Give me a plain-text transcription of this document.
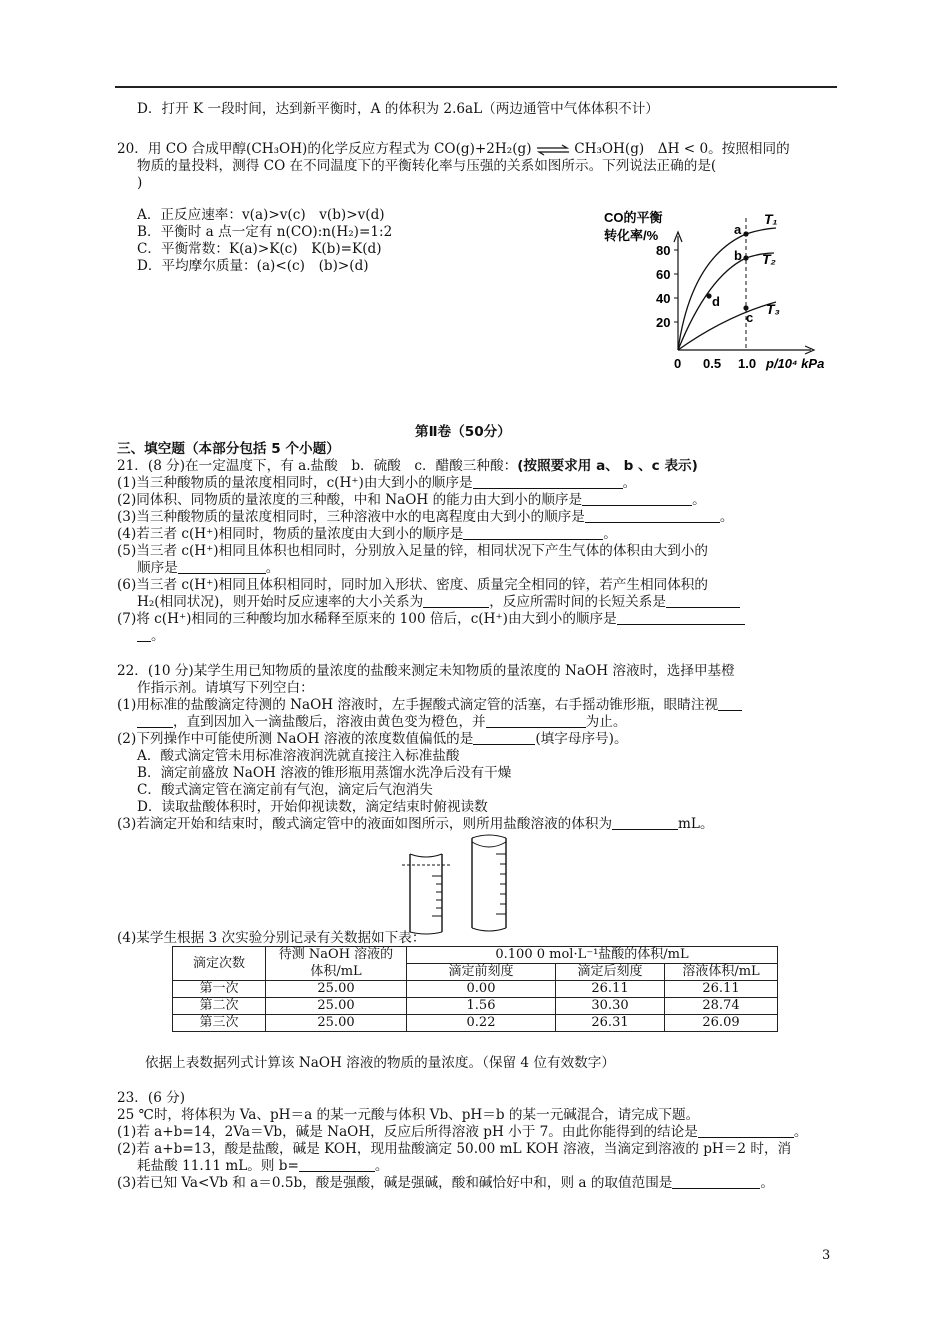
D．打开 K 一段时间，达到新平衡时，A 的体积为 2.6aL（两边通管中气体体积不计）
20．用 CO 合成甲醇(CH₃OH)的化学反应方程式为 CO(g)+2H₂(g) ⇌ CH₃OH(g)　ΔH < 0。按照相同的
物质的量投料，测得 CO 在不同温度下的平衡转化率与压强的关系如图所示。下列说法正确的是(
)
A．正反应速率：v(a)>v(c)　v(b)>v(d)
B．平衡时 a 点一定有 n(CO):n(H₂)=1:2
C．平衡常数：K(a)>K(c)　K(b)=K(d)
D．平均摩尔质量：(a)<(c)　(b)>(d)
CO的平衡
转化率/%
80
60
40
20
0 0.5 1.0 p/10⁴ kPa
T₁
T₂
T₃
a
b
c
d
第Ⅱ卷（50分）
三、填空题（本部分包括 5 个小题）
21．(8 分)在一定温度下，有 a.盐酸　b．硫酸　c．醋酸三种酸：(按照要求用 a、 b 、c 表示)
(1)当三种酸物质的量浓度相同时，c(H⁺)由大到小的顺序是	。
(2)同体积、同物质的量浓度的三种酸，中和 NaOH 的能力由大到小的顺序是	。
(3)当三种酸物质的量浓度相同时，三种溶液中水的电离程度由大到小的顺序是	。
(4)若三者 c(H⁺)相同时，物质的量浓度由大到小的顺序是	。
(5)当三者 c(H⁺)相同且体积也相同时，分别放入足量的锌，相同状况下产生气体的体积由大到小的
顺序是	。
(6)当三者 c(H⁺)相同且体积相同时，同时加入形状、密度、质量完全相同的锌，若产生相同体积的
H₂(相同状况)，则开始时反应速率的大小关系为	，反应所需时间的长短关系是
(7)将 c(H⁺)相同的三种酸均加水稀释至原来的 100 倍后，c(H⁺)由大到小的顺序是
。
22．(10 分)某学生用已知物质的量浓度的盐酸来测定未知物质的量浓度的 NaOH 溶液时，选择甲基橙
作指示剂。请填写下列空白：
(1)用标准的盐酸滴定待测的 NaOH 溶液时，左手握酸式滴定管的活塞，右手摇动锥形瓶，眼睛注视
，直到因加入一滴盐酸后，溶液由黄色变为橙色，并	为止。
(2)下列操作中可能使所测 NaOH 溶液的浓度数值偏低的是	(填字母序号)。
A．酸式滴定管未用标准溶液润洗就直接注入标准盐酸
B．滴定前盛放 NaOH 溶液的锥形瓶用蒸馏水洗净后没有干燥
C．酸式滴定管在滴定前有气泡，滴定后气泡消失
D．读取盐酸体积时，开始仰视读数，滴定结束时俯视读数
(3)若滴定开始和结束时，酸式滴定管中的液面如图所示，则所用盐酸溶液的体积为	mL。
(4)某学生根据 3 次实验分别记录有关数据如下表：
滴定次数	待测 NaOH 溶液的	0.100 0 mol·L⁻¹盐酸的体积/mL		
	体积/mL	滴定前刻度	滴定后刻度	溶液体积/mL
第一次	25.00	0.00	26.11	26.11
第二次	25.00	1.56	30.30	28.74
第三次	25.00	0.22	26.31	26.09
依据上表数据列式计算该 NaOH 溶液的物质的量浓度。（保留 4 位有效数字）
23．(6 分)
25 ℃时，将体积为 Va、pH＝a 的某一元酸与体积 Vb、pH＝b 的某一元碱混合，请完成下题。
(1)若 a+b=14，2Va＝Vb，碱是 NaOH，反应后所得溶液 pH 小于 7。由此你能得到的结论是	。
(2)若 a+b=13，酸是盐酸，碱是 KOH，现用盐酸滴定 50.00 mL KOH 溶液，当滴定到溶液的 pH＝2 时，消
耗盐酸 11.11 mL。则 b=	。
(3)若已知 Va<Vb 和 a＝0.5b，酸是强酸，碱是强碱，酸和碱恰好中和，则 a 的取值范围是	。
3
